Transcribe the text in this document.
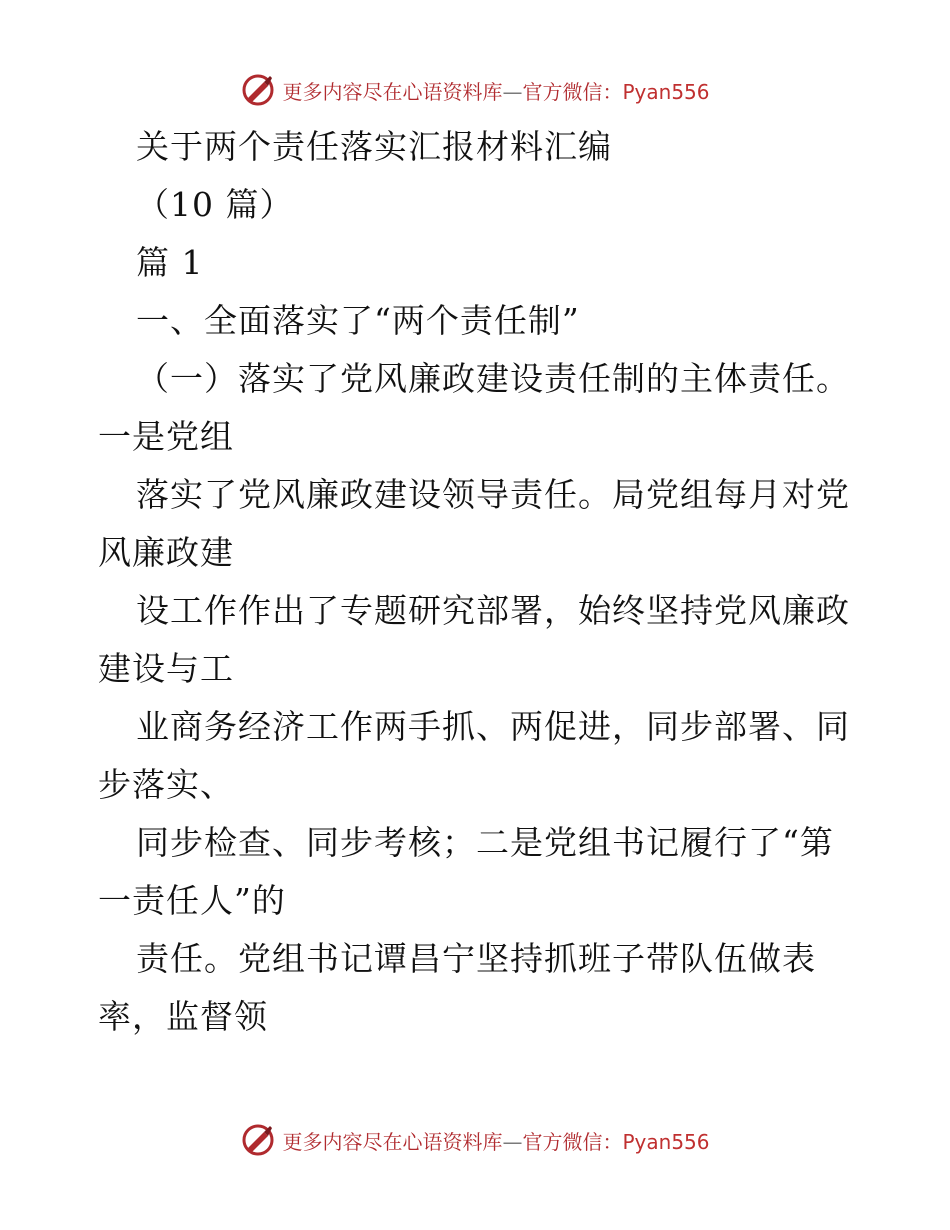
更多内容尽在心语资料库—官方微信：Pyan556
关于两个责任落实汇报材料汇编
（10 篇）
篇 1
一、全面落实了“两个责任制”
（一）落实了党风廉政建设责任制的主体责任。
一是党组
落实了党风廉政建设领导责任。局党组每月对党
风廉政建
设工作作出了专题研究部署，始终坚持党风廉政
建设与工
业商务经济工作两手抓、两促进，同步部署、同
步落实、
同步检查、同步考核；二是党组书记履行了“第
一责任人”的
责任。党组书记谭昌宁坚持抓班子带队伍做表
率，监督领
更多内容尽在心语资料库—官方微信：Pyan556
